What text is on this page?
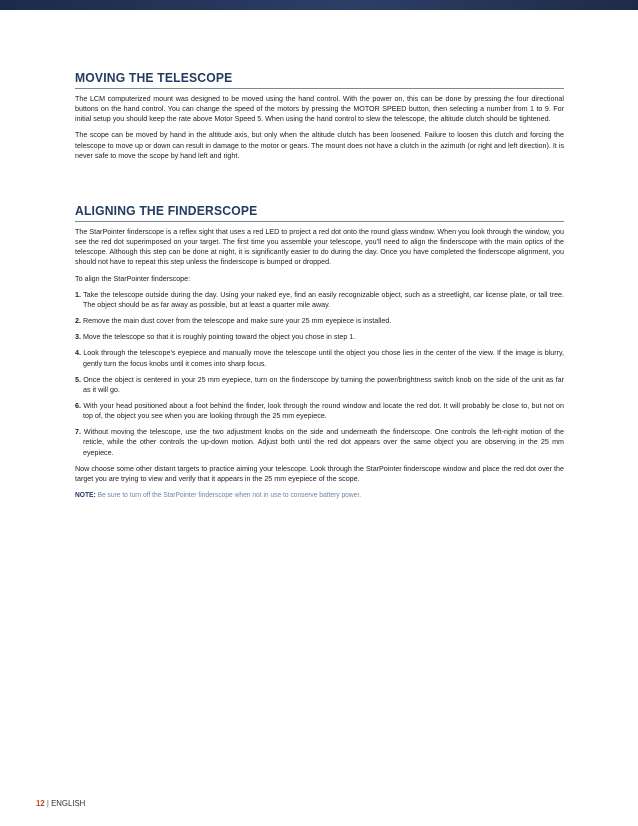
MOVING THE TELESCOPE

The LCM computerized mount was designed to be moved using the hand control. With the power on, this can be done by pressing the four directional buttons on the hand control. You can change the speed of the motors by pressing the MOTOR SPEED button, then selecting a number from 1 to 9. For initial setup you should keep the rate above Motor Speed 5. When using the hand control to slew the telescope, the altitude clutch should be tightened.

The scope can be moved by hand in the altitude axis, but only when the altitude clutch has been loosened. Failure to loosen this clutch and forcing the telescope to move up or down can result in damage to the motor or gears. The mount does not have a clutch in the azimuth (or right and left direction). It is never safe to move the scope by hand left and right.

ALIGNING THE FINDERSCOPE

The StarPointer finderscope is a reflex sight that uses a red LED to project a red dot onto the round glass window. When you look through the window, you see the red dot superimposed on your target. The first time you assemble your telescope, you’ll need to align the finderscope with the main optics of the telescope. Although this step can be done at night, it is significantly easier to do during the day. Once you have completed the finderscope alignment, you should not have to repeat this step unless the finderscope is bumped or dropped.

To align the StarPointer finderscope:

1. Take the telescope outside during the day. Using your naked eye, find an easily recognizable object, such as a streetlight, car license plate, or tall tree. The object should be as far away as possible, but at least a quarter mile away.
2. Remove the main dust cover from the telescope and make sure your 25 mm eyepiece is installed.
3. Move the telescope so that it is roughly pointing toward the object you chose in step 1.
4. Look through the telescope’s eyepiece and manually move the telescope until the object you chose lies in the center of the view. If the image is blurry, gently turn the focus knobs until it comes into sharp focus.
5. Once the object is centered in your 25 mm eyepiece, turn on the finderscope by turning the power/brightness switch knob on the side of the unit as far as it will go.
6. With your head positioned about a foot behind the finder, look through the round window and locate the red dot. It will probably be close to, but not on top of, the object you see when you are looking through the 25 mm eyepiece.
7. Without moving the telescope, use the two adjustment knobs on the side and underneath the finderscope. One controls the left-right motion of the reticle, while the other controls the up-down motion. Adjust both until the red dot appears over the same object you are observing in the 25 mm eyepiece.

Now choose some other distant targets to practice aiming your telescope. Look through the StarPointer finderscope window and place the red dot over the target you are trying to view and verify that it appears in the 25 mm eyepiece of the scope.

NOTE: Be sure to turn off the StarPointer finderscope when not in use to conserve battery power.
12 | ENGLISH
